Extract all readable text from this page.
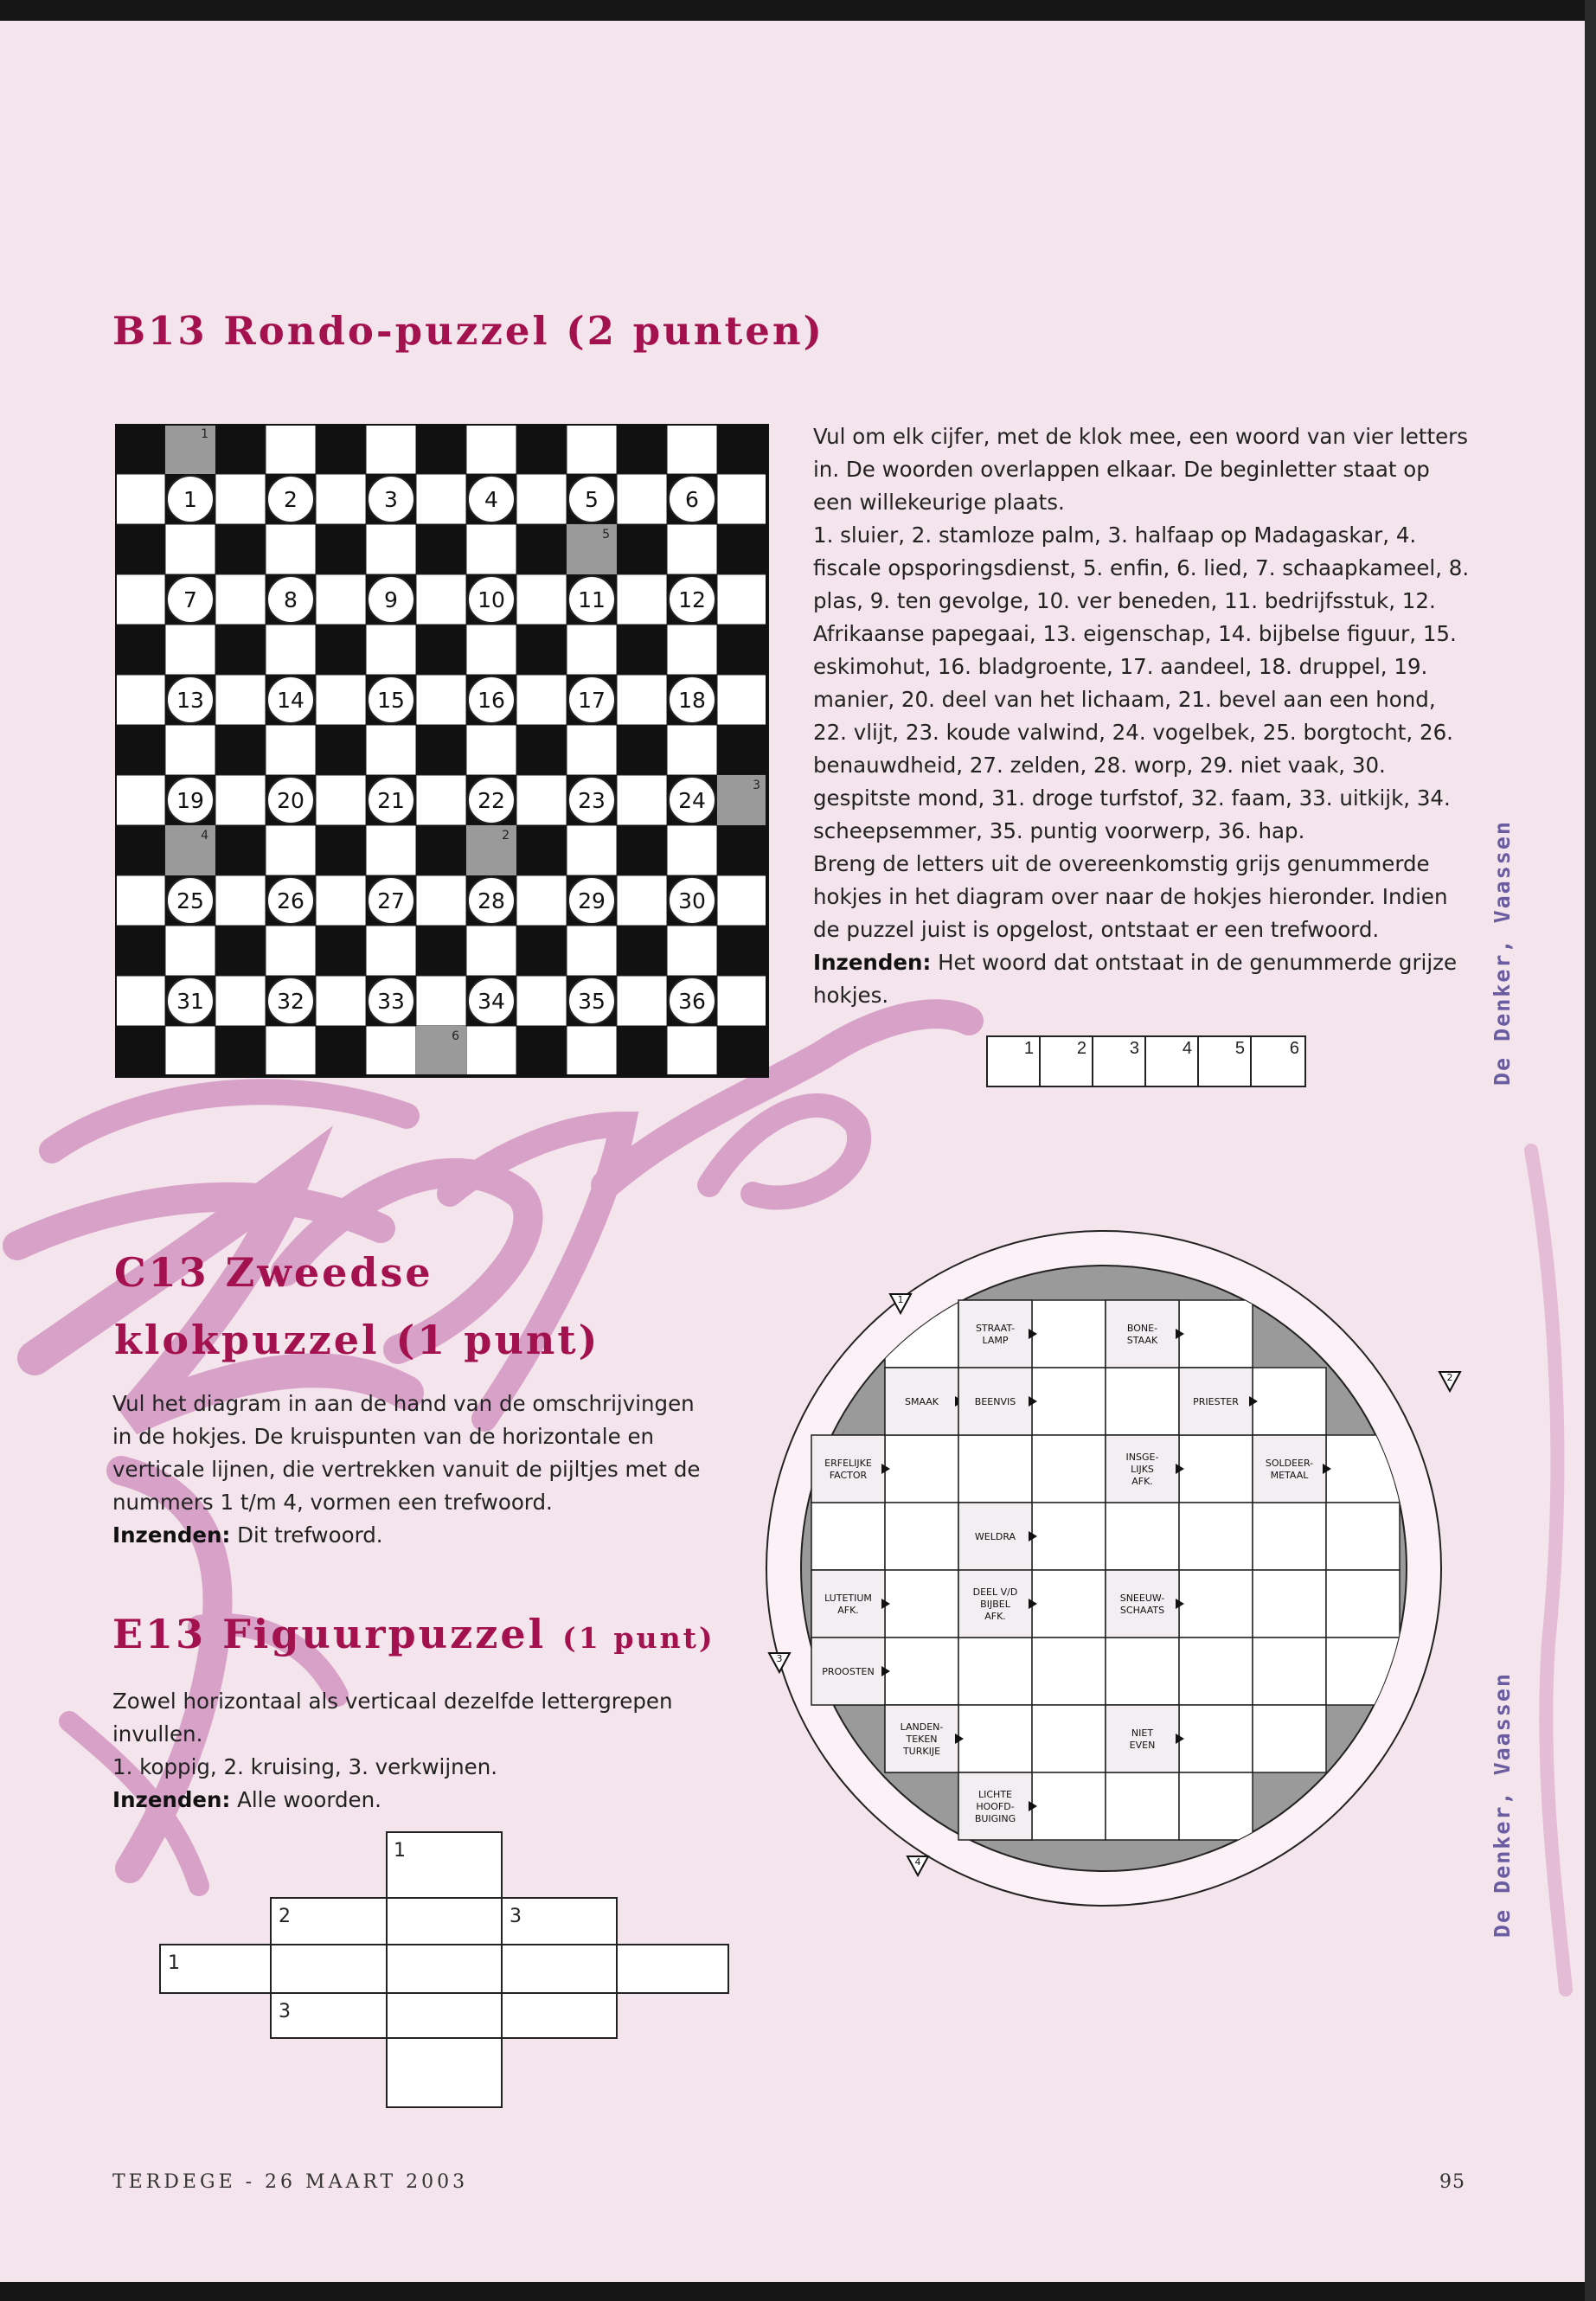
B13 Rondo-puzzel (2 punten)
1
5
3
4	2
6
1	2	3	4	5	6
7	8	9	10	11	12
13	14	15	16	17	18
19	20	21	22	23	24
25	26	27	28	29	30
31	32	33	34	35	36
Vul om elk cijfer, met de klok mee, een woord van vier letters in. De woorden overlappen elkaar. De beginletter staat op een willekeurige plaats.
1. sluier, 2. stamloze palm, 3. halfaap op Madagaskar, 4. fiscale opsporingsdienst, 5. enfin, 6. lied, 7. schaapkameel, 8. plas, 9. ten gevolge, 10. ver beneden, 11. bedrijfsstuk, 12. Afrikaanse papegaai, 13. eigenschap, 14. bijbelse figuur, 15. eskimohut, 16. bladgroente, 17. aandeel, 18. druppel, 19. manier, 20. deel van het lichaam, 21. bevel aan een hond, 22. vlijt, 23. koude valwind, 24. vogelbek, 25. borgtocht, 26. benauwdheid, 27. zelden, 28. worp, 29. niet vaak, 30. gespitste mond, 31. droge turfstof, 32. faam, 33. uitkijk, 34. scheepsemmer, 35. puntig voorwerp, 36. hap.
Breng de letters uit de overeenkomstig grijs genummerde hokjes in het diagram over naar de hokjes hieronder. Indien de puzzel juist is opgelost, ontstaat er een trefwoord.
Inzenden: Het woord dat ontstaat in de genummerde grijze hokjes.
1 2 3 4 5	6	De Denker, Vaassen
De Denker, Vaassen
C13 Zweedse
klokpuzzel (1 punt)
Vul het diagram in aan de hand van de omschrijvingen in de hokjes. De kruispunten van de horizontale en verticale lijnen, die vertrekken vanuit de pijltjes met de nummers 1 t/m 4, vormen een trefwoord.
Inzenden: Dit trefwoord.
E13 Figuurpuzzel (1 punt)
Zowel horizontaal als verticaal dezelfde lettergrepen invullen.
1. koppig, 2. kruising, 3. verkwijnen.
Inzenden: Alle woorden.
1
2	3
1
3
STRAAT-LAMP
BONE-STAAK
SMAAK	BEENVIS	PRIESTER
ERFELIJKE FACTOR
INSGE-LIJKS AFK.
SOLDEER-METAAL
WELDRA
LUTETIUM AFK.
DEEL V/D BIJBEL AFK.
SNEEUW-SCHAATS
PROOSTEN
LANDEN-TEKEN TURKIJE
NIET EVEN
LICHTE HOOFD-BUIGING
1
2
3
4
TERDEGE - 26 MAART 2003	95
